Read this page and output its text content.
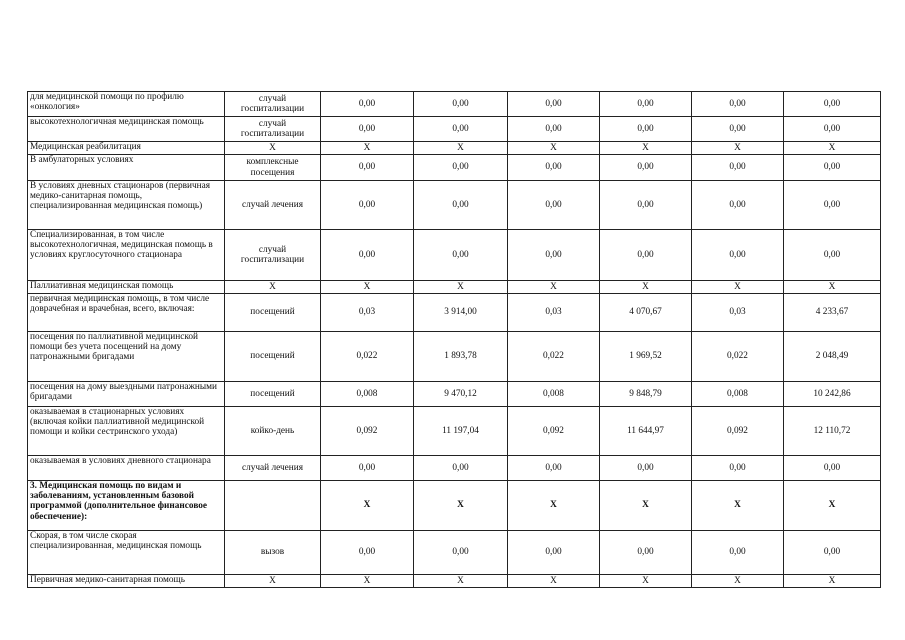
для медицинской помощи по профилю «онкология»	случай госпитализации	0,00	0,00	0,00	0,00	0,00	0,00
высокотехнологичная медицинская помощь	случай госпитализации	0,00	0,00	0,00	0,00	0,00	0,00
Медицинская реабилитация	X	X	X	X	X	X	X
В амбулаторных условиях	комплексные посещения	0,00	0,00	0,00	0,00	0,00	0,00
В условиях дневных стационаров (первичная медико-санитарная помощь, специализированная медицинская помощь)	случай лечения	0,00	0,00	0,00	0,00	0,00	0,00
Специализированная, в том числе высокотехнологичная, медицинская помощь в условиях круглосуточного стационара	случай госпитализации	0,00	0,00	0,00	0,00	0,00	0,00
Паллиативная медицинская помощь	X	X	X	X	X	X	X
первичная медицинская помощь, в том числе доврачебная и врачебная, всего, включая:	посещений	0,03	3 914,00	0,03	4 070,67	0,03	4 233,67
посещения по паллиативной медицинской помощи без учета посещений на дому патронажными бригадами	посещений	0,022	1 893,78	0,022	1 969,52	0,022	2 048,49
посещения на дому выездными патронажными бригадами	посещений	0,008	9 470,12	0,008	9 848,79	0,008	10 242,86
оказываемая в стационарных условиях (включая койки паллиативной медицинской помощи и койки сестринского ухода)	койко-день	0,092	11 197,04	0,092	11 644,97	0,092	12 110,72
оказываемая в условиях дневного стационара	случай лечения	0,00	0,00	0,00	0,00	0,00	0,00
3. Медицинская помощь по видам и заболеваниям, установленным базовой программой (дополнительное финансовое обеспечение):		X	X	X	X	X	X
Скорая, в том числе скорая специализированная, медицинская помощь	вызов	0,00	0,00	0,00	0,00	0,00	0,00
Первичная медико-санитарная помощь	X	X	X	X	X	X	X
